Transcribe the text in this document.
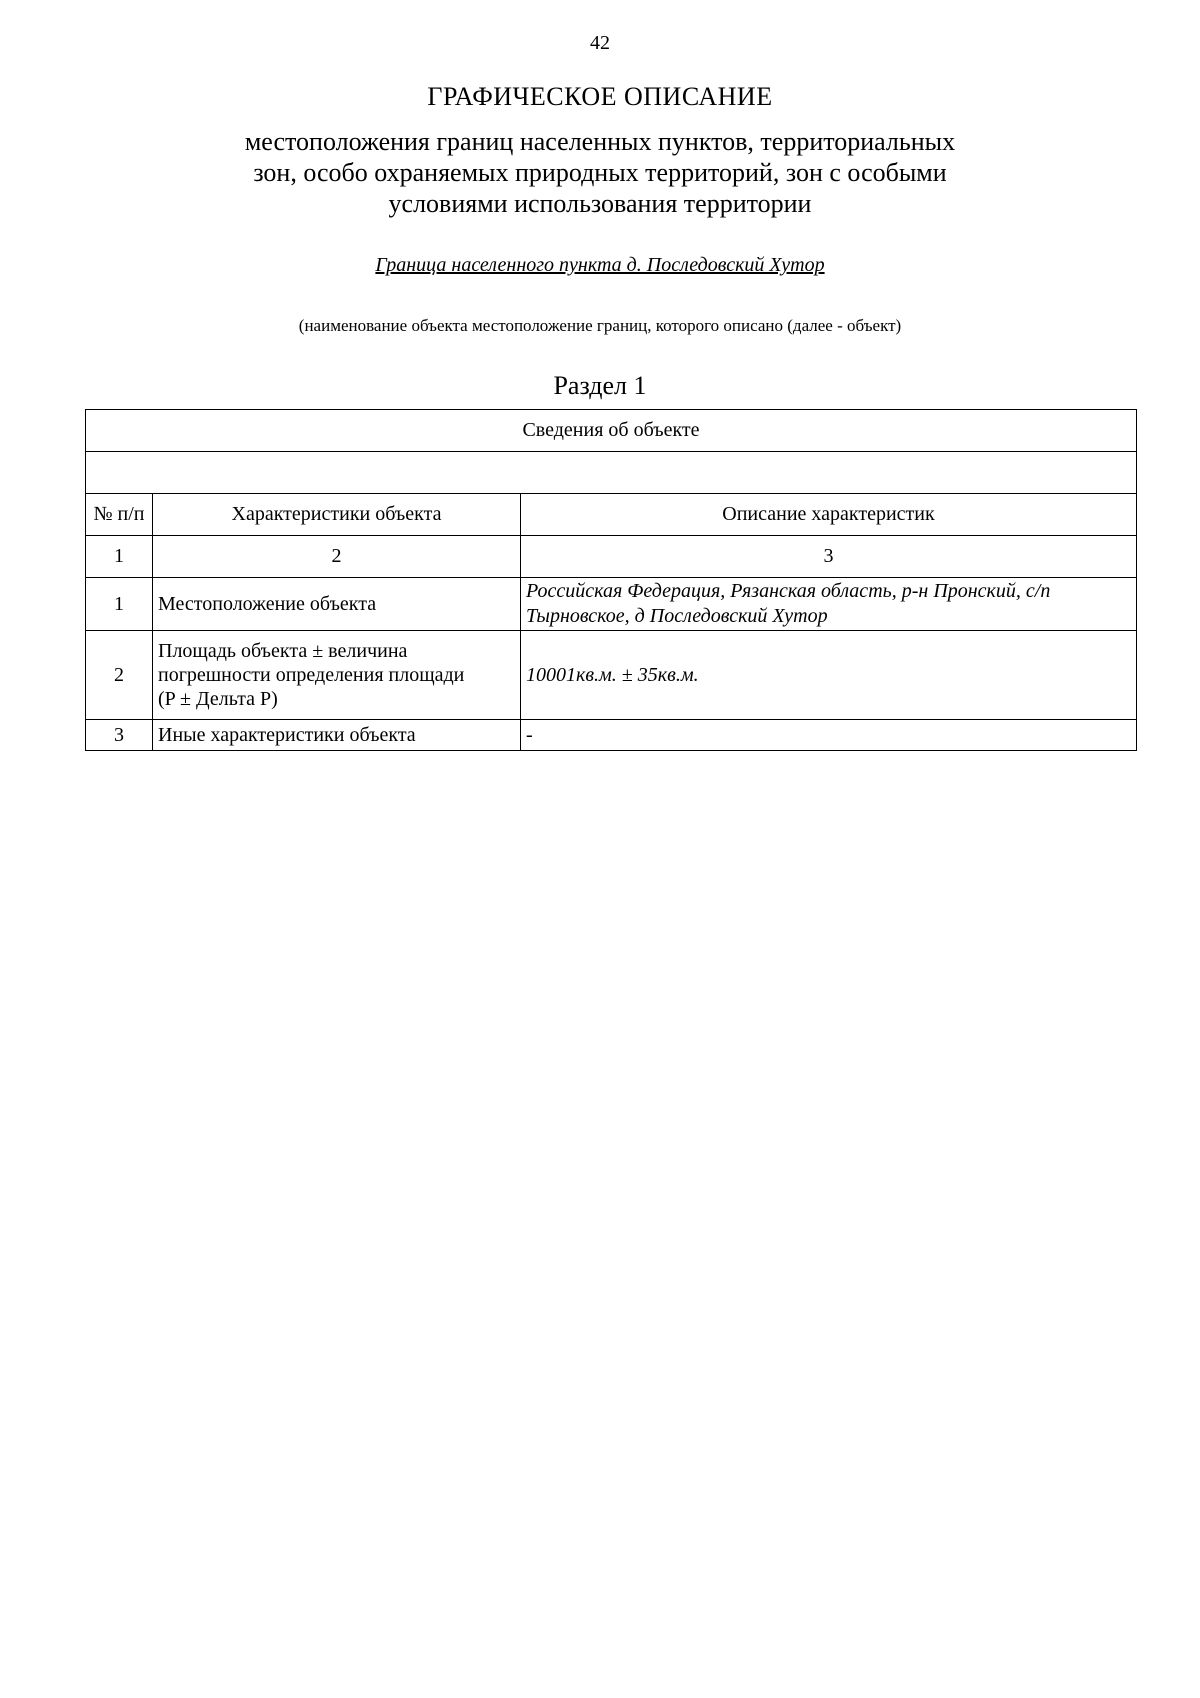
42
ГРАФИЧЕСКОЕ ОПИСАНИЕ
местоположения границ населенных пунктов, территориальных
зон, особо охраняемых природных территорий, зон с особыми
условиями использования территории
Граница населенного пункта д. Последовский Хутор
(наименование объекта местоположение границ, которого описано (далее - объект)
Раздел 1
Сведения об объекте		

№ п/п	Характеристики объекта	Описание характеристик
1	2	3
1	Местоположение объекта	Российская Федерация, Рязанская область, р-н Пронский, с/п
Тырновское, д Последовский Хутор

2	Площадь объекта ± величина
погрешности определения площади
(P ± Дельта P)	10001кв.м. ± 35кв.м.
3	Иные характеристики объекта	-
